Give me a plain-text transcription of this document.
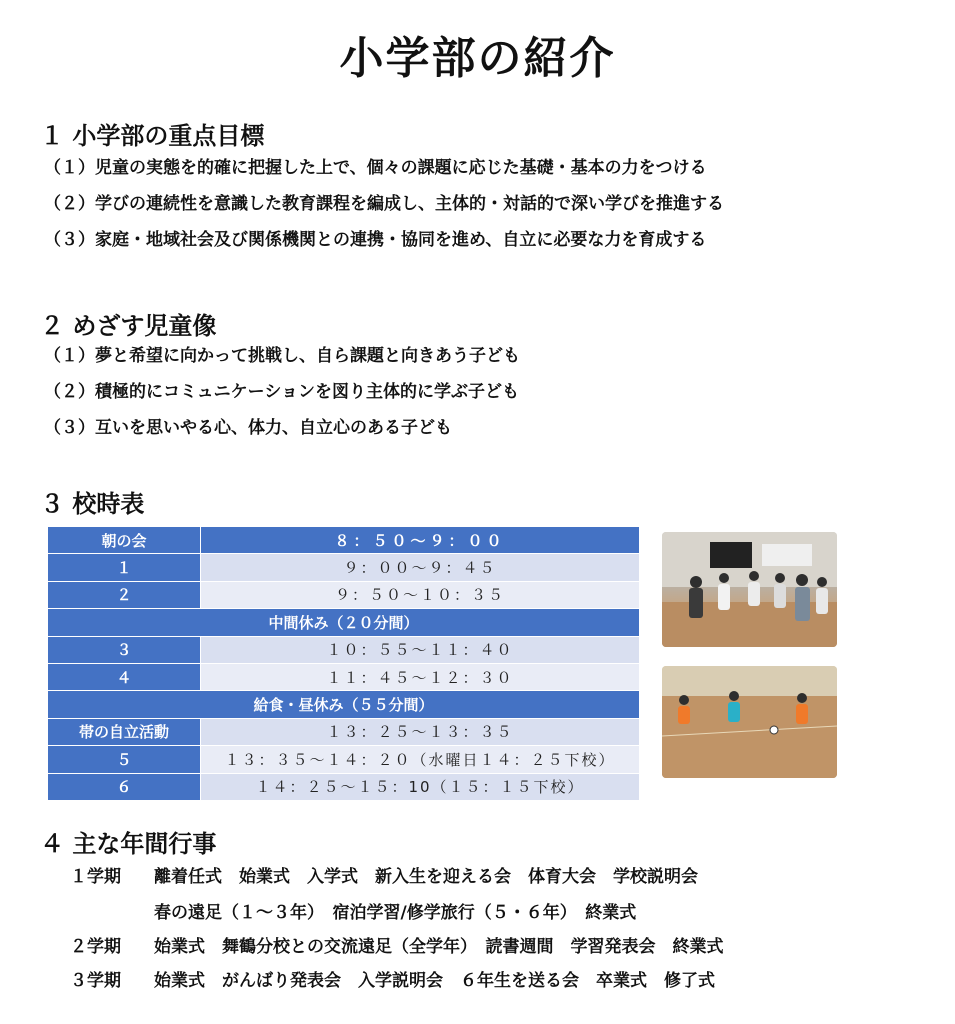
小学部の紹介
１ 小学部の重点目標
（１）児童の実態を的確に把握した上で、個々の課題に応じた基礎・基本の力をつける
（２）学びの連続性を意識した教育課程を編成し、主体的・対話的で深い学びを推進する
（３）家庭・地域社会及び関係機関との連携・協同を進め、自立に必要な力を育成する
２ めざす児童像
（１）夢と希望に向かって挑戦し、自ら課題と向きあう子ども
（２）積極的にコミュニケーションを図り主体的に学ぶ子ども
（３）互いを思いやる心、体力、自立心のある子ども
３ 校時表
朝の会	８：５０～９：００
１	９：００～９：４５
２	９：５０～１０：３５
中間休み（２０分間）	
３	１０：５５～１１：４０
４	１１：４５～１２：３０
給食・昼休み（５５分間）	
帯の自立活動	１３：２５～１３：３５
５	１３：３５～１４：２０（水曜日１４：２５下校）
６	１４：２５～１５：10（１５：１５下校）
４ 主な年間行事
１学期 離着任式　始業式　入学式　新入生を迎える会　体育大会　学校説明会
春の遠足（１～３年）　宿泊学習/修学旅行（５・６年）　終業式
２学期 始業式　舞鶴分校との交流遠足（全学年）　読書週間　学習発表会　終業式
３学期 始業式　がんばり発表会　入学説明会　６年生を送る会　卒業式　修了式
